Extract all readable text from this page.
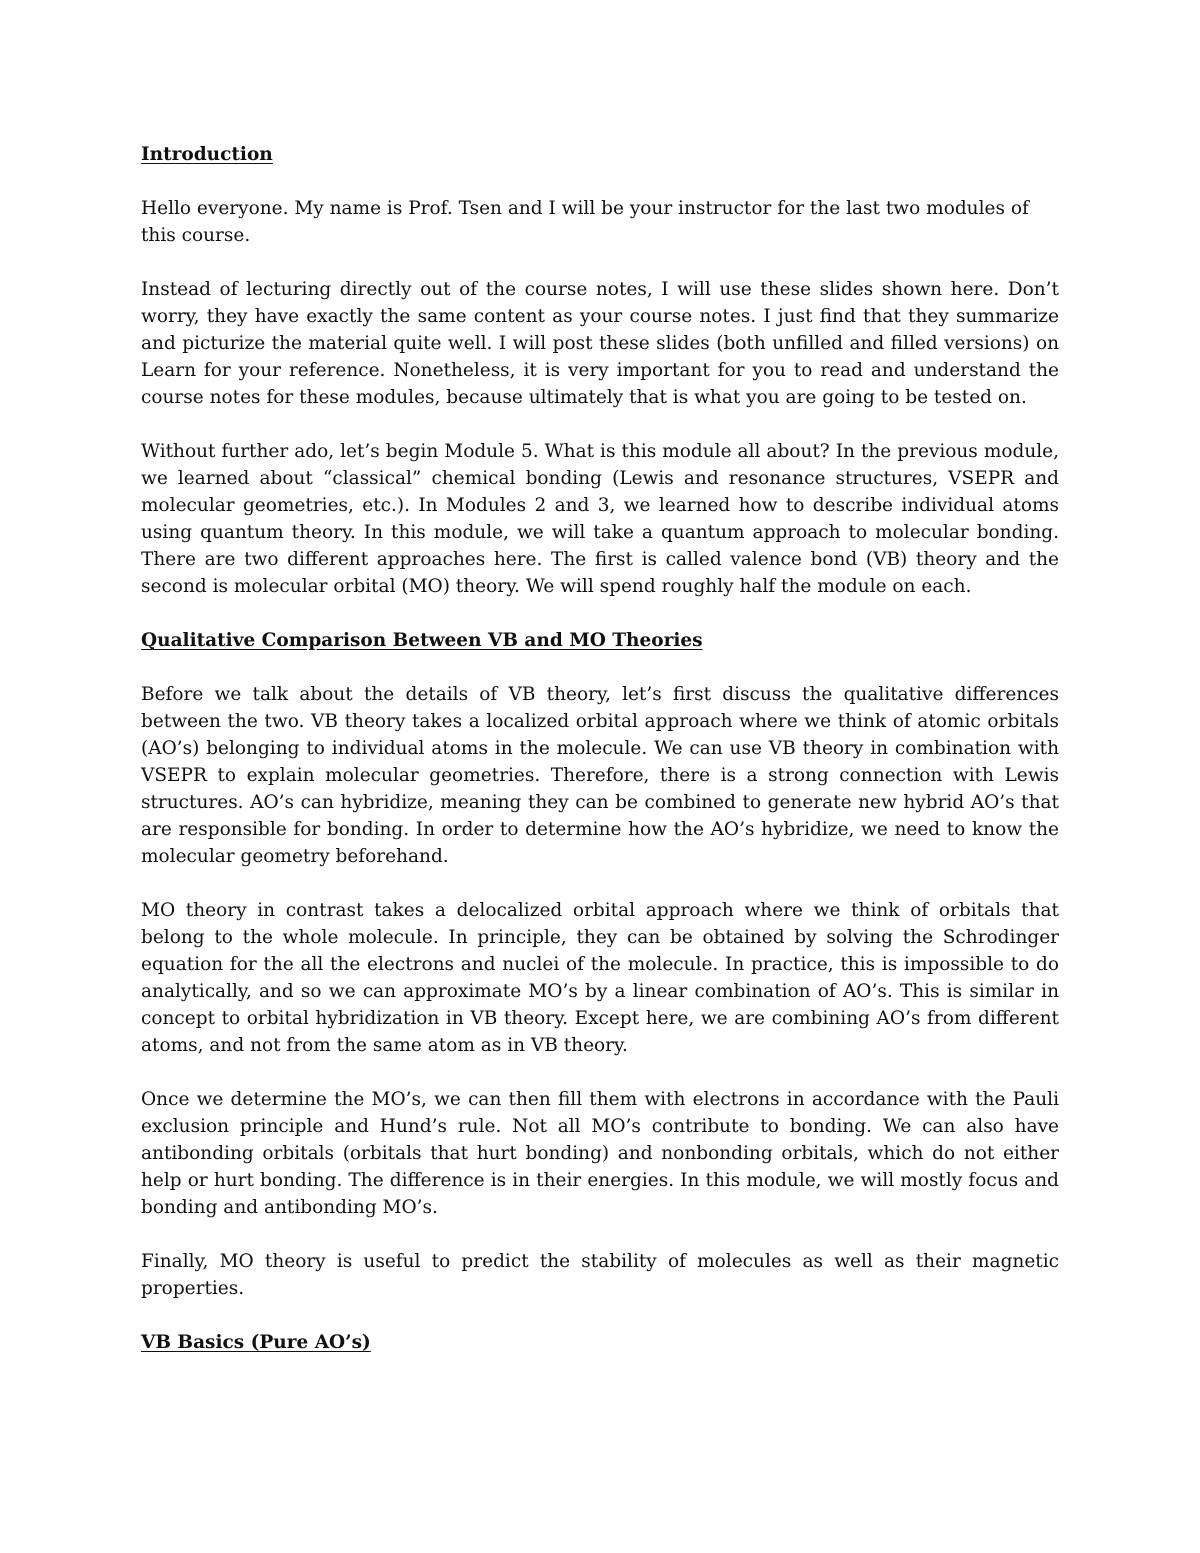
Introduction

Hello everyone. My name is Prof. Tsen and I will be your instructor for the last two modules of this course.

Instead of lecturing directly out of the course notes, I will use these slides shown here. Don’t worry, they have exactly the same content as your course notes. I just find that they summarize and picturize the material quite well. I will post these slides (both unfilled and filled versions) on Learn for your reference. Nonetheless, it is very important for you to read and understand the course notes for these modules, because ultimately that is what you are going to be tested on.

Without further ado, let’s begin Module 5. What is this module all about? In the previous module, we learned about “classical” chemical bonding (Lewis and resonance structures, VSEPR and molecular geometries, etc.). In Modules 2 and 3, we learned how to describe individual atoms using quantum theory. In this module, we will take a quantum approach to molecular bonding. There are two different approaches here. The first is called valence bond (VB) theory and the second is molecular orbital (MO) theory. We will spend roughly half the module on each.

Qualitative Comparison Between VB and MO Theories

Before we talk about the details of VB theory, let’s first discuss the qualitative differences between the two. VB theory takes a localized orbital approach where we think of atomic orbitals (AO’s) belonging to individual atoms in the molecule. We can use VB theory in combination with VSEPR to explain molecular geometries. Therefore, there is a strong connection with Lewis structures. AO’s can hybridize, meaning they can be combined to generate new hybrid AO’s that are responsible for bonding. In order to determine how the AO’s hybridize, we need to know the molecular geometry beforehand.

MO theory in contrast takes a delocalized orbital approach where we think of orbitals that belong to the whole molecule. In principle, they can be obtained by solving the Schrodinger equation for the all the electrons and nuclei of the molecule. In practice, this is impossible to do analytically, and so we can approximate MO’s by a linear combination of AO’s. This is similar in concept to orbital hybridization in VB theory. Except here, we are combining AO’s from different atoms, and not from the same atom as in VB theory.

Once we determine the MO’s, we can then fill them with electrons in accordance with the Pauli exclusion principle and Hund’s rule. Not all MO’s contribute to bonding. We can also have antibonding orbitals (orbitals that hurt bonding) and nonbonding orbitals, which do not either help or hurt bonding. The difference is in their energies. In this module, we will mostly focus and bonding and antibonding MO’s.

Finally, MO theory is useful to predict the stability of molecules as well as their magnetic properties.

VB Basics (Pure AO’s)
